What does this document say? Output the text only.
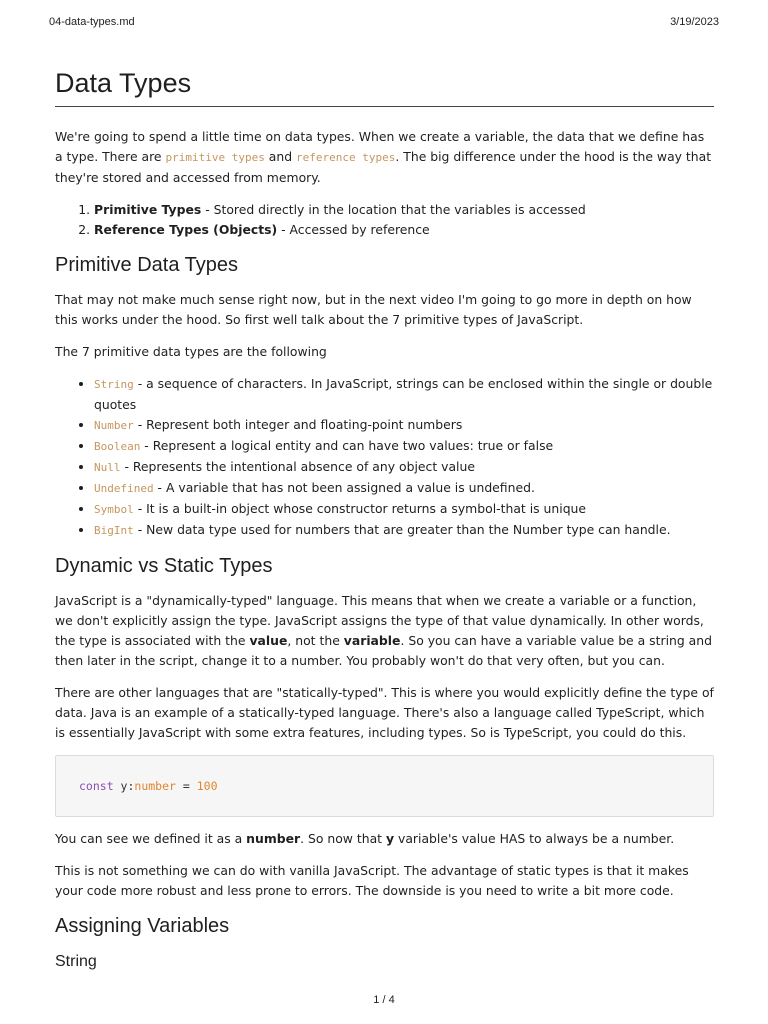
04-data-types.md	3/19/2023
Data Types

We're going to spend a little time on data types. When we create a variable, the data that we define has a type. There are primitive types and reference types. The big difference under the hood is the way that they're stored and accessed from memory.

1. Primitive Types - Stored directly in the location that the variables is accessed
2. Reference Types (Objects) - Accessed by reference
Primitive Data Types

That may not make much sense right now, but in the next video I'm going to go more in depth on how this works under the hood. So first well talk about the 7 primitive types of JavaScript.

The 7 primitive data types are the following

• String - a sequence of characters. In JavaScript, strings can be enclosed within the single or double quotes
• Number - Represent both integer and floating-point numbers
• Boolean - Represent a logical entity and can have two values: true or false
• Null - Represents the intentional absence of any object value
• Undefined - A variable that has not been assigned a value is undefined.
• Symbol - It is a built-in object whose constructor returns a symbol-that is unique
• BigInt - New data type used for numbers that are greater than the Number type can handle.
Dynamic vs Static Types

JavaScript is a "dynamically-typed" language. This means that when we create a variable or a function, we don't explicitly assign the type. JavaScript assigns the type of that value dynamically. In other words, the type is associated with the value, not the variable. So you can have a variable value be a string and then later in the script, change it to a number. You probably won't do that very often, but you can.

There are other languages that are "statically-typed". This is where you would explicitly define the type of data. Java is an example of a statically-typed language. There's also a language called TypeScript, which is essentially JavaScript with some extra features, including types. So is TypeScript, you could do this.

const y:number = 100

You can see we defined it as a number. So now that y variable's value HAS to always be a number.

This is not something we can do with vanilla JavaScript. The advantage of static types is that it makes your code more robust and less prone to errors. The downside is you need to write a bit more code.

Assigning Variables
String
1 / 4
